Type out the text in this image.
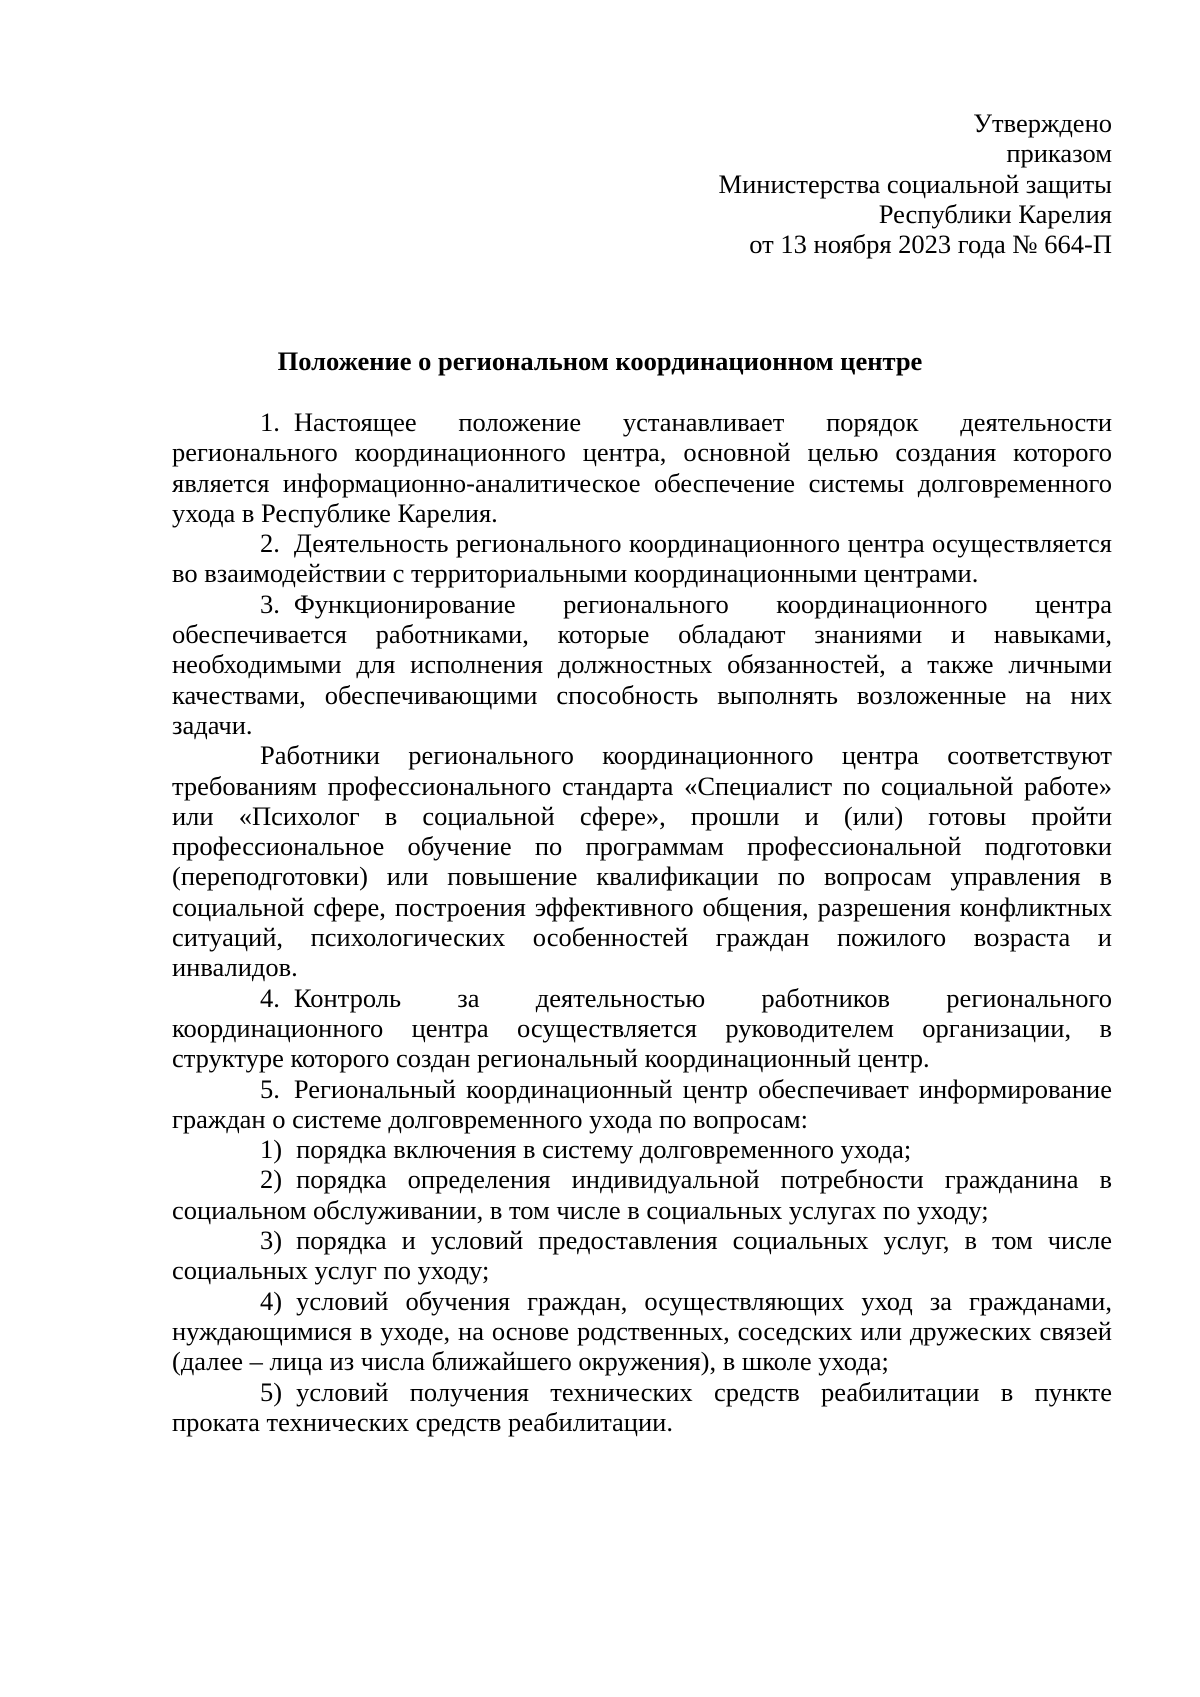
Утверждено
приказом
Министерства социальной защиты
Республики Карелия
от 13 ноября 2023 года № 664-П
Положение о региональном координационном центре

1. Настоящее положение устанавливает порядок деятельности регионального координационного центра, основной целью создания которого является информационно-аналитическое обеспечение системы долговременного ухода в Республике Карелия.

2. Деятельность регионального координационного центра осуществляется во взаимодействии с территориальными координационными центрами.

3. Функционирование регионального координационного центра обеспечивается работниками, которые обладают знаниями и навыками, необходимыми для исполнения должностных обязанностей, а также личными качествами, обеспечивающими способность выполнять возложенные на них задачи.

Работники регионального координационного центра соответствуют требованиям профессионального стандарта «Специалист по социальной работе» или «Психолог в социальной сфере», прошли и (или) готовы пройти профессиональное обучение по программам профессиональной подготовки (переподготовки) или повышение квалификации по вопросам управления в социальной сфере, построения эффективного общения, разрешения конфликтных ситуаций, психологических особенностей граждан пожилого возраста и инвалидов.

4. Контроль за деятельностью работников регионального координационного центра осуществляется руководителем организации, в структуре которого создан региональный координационный центр.

5. Региональный координационный центр обеспечивает информирование граждан о системе долговременного ухода по вопросам:

1) порядка включения в систему долговременного ухода;

2) порядка определения индивидуальной потребности гражданина в социальном обслуживании, в том числе в социальных услугах по уходу;

3) порядка и условий предоставления социальных услуг, в том числе социальных услуг по уходу;

4) условий обучения граждан, осуществляющих уход за гражданами, нуждающимися в уходе, на основе родственных, соседских или дружеских связей (далее – лица из числа ближайшего окружения), в школе ухода;

5) условий получения технических средств реабилитации в пункте проката технических средств реабилитации.
